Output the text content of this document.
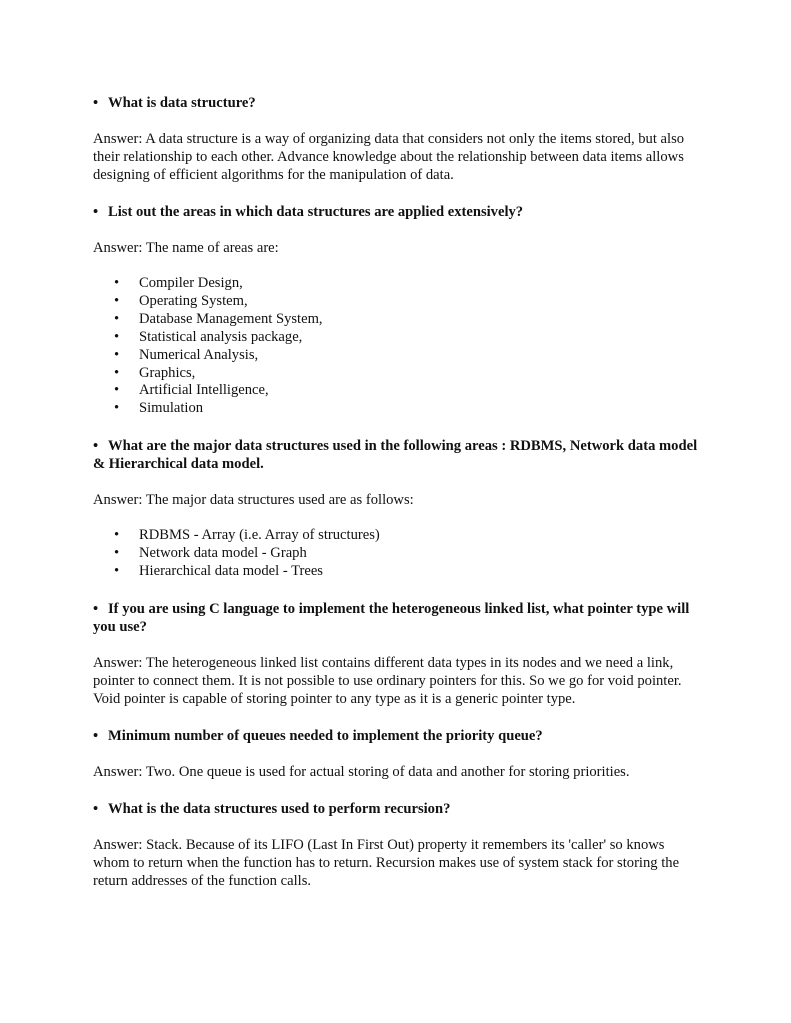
• What is data structure?

Answer: A data structure is a way of organizing data that considers not only the items stored, but also their relationship to each other. Advance knowledge about the relationship between data items allows designing of efficient algorithms for the manipulation of data.

• List out the areas in which data structures are applied extensively?

Answer: The name of areas are:

• Compiler Design,
• Operating System,
• Database Management System,
• Statistical analysis package,
• Numerical Analysis,
• Graphics,
• Artificial Intelligence,
• Simulation

• What are the major data structures used in the following areas : RDBMS, Network data model & Hierarchical data model.

Answer: The major data structures used are as follows:

• RDBMS - Array (i.e. Array of structures)
• Network data model - Graph
• Hierarchical data model - Trees

• If you are using C language to implement the heterogeneous linked list, what pointer type will you use?

Answer: The heterogeneous linked list contains different data types in its nodes and we need a link, pointer to connect them. It is not possible to use ordinary pointers for this. So we go for void pointer. Void pointer is capable of storing pointer to any type as it is a generic pointer type.

• Minimum number of queues needed to implement the priority queue?

Answer: Two. One queue is used for actual storing of data and another for storing priorities.

• What is the data structures used to perform recursion?

Answer: Stack. Because of its LIFO (Last In First Out) property it remembers its 'caller' so knows whom to return when the function has to return. Recursion makes use of system stack for storing the return addresses of the function calls.
